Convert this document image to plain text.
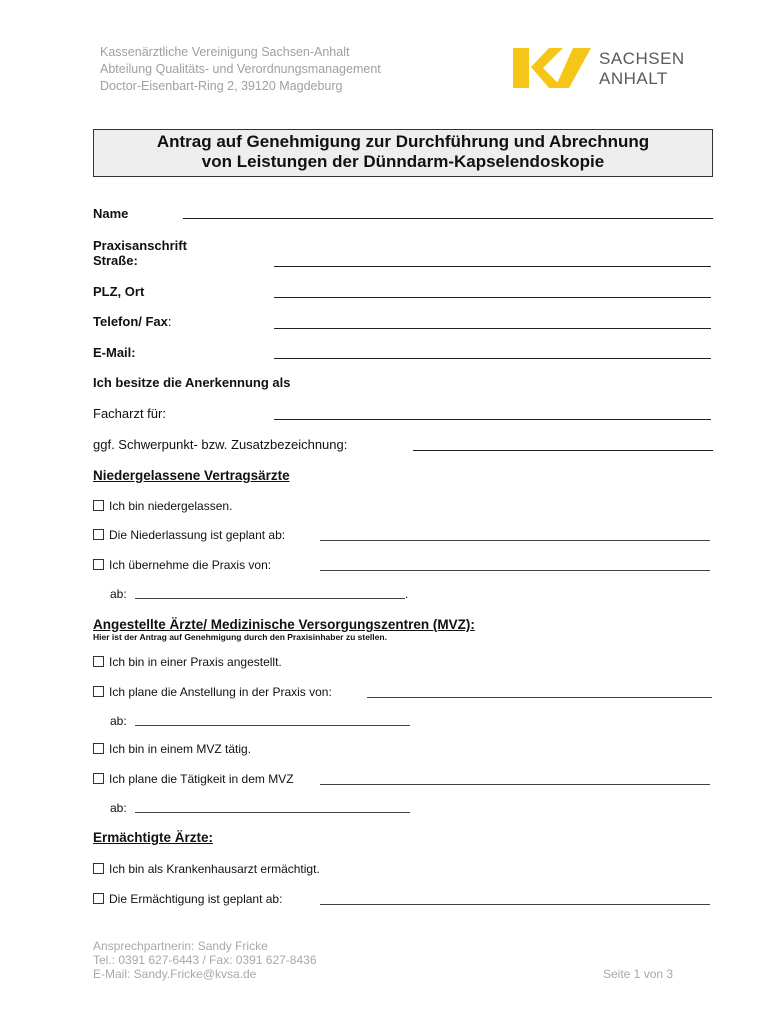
Kassenärztliche Vereinigung Sachsen-Anhalt
Abteilung Qualitäts- und Verordnungsmanagement
Doctor-Eisenbart-Ring 2, 39120 Magdeburg
SACHSEN
ANHALT
Antrag auf Genehmigung zur Durchführung und Abrechnung
von Leistungen der Dünndarm-Kapselendoskopie
Name
Praxisanschrift
Straße:
PLZ, Ort
Telefon/ Fax:
E-Mail:
Ich besitze die Anerkennung als
Facharzt für:
ggf. Schwerpunkt- bzw. Zusatzbezeichnung:
Niedergelassene Vertragsärzte
Ich bin niedergelassen.
Die Niederlassung ist geplant ab:
Ich übernehme die Praxis von:
ab:	.
Angestellte Ärzte/ Medizinische Versorgungszentren (MVZ):
Hier ist der Antrag auf Genehmigung durch den Praxisinhaber zu stellen.
Ich bin in einer Praxis angestellt.
Ich plane die Anstellung in der Praxis von:
ab:
Ich bin in einem MVZ tätig.
Ich plane die Tätigkeit in dem MVZ
ab:
Ermächtigte Ärzte:
Ich bin als Krankenhausarzt ermächtigt.
Die Ermächtigung ist geplant ab:
Ansprechpartnerin: Sandy Fricke
Tel.: 0391 627-6443 / Fax: 0391 627-8436
E-Mail: Sandy.Fricke@kvsa.de	Seite 1 von 3
